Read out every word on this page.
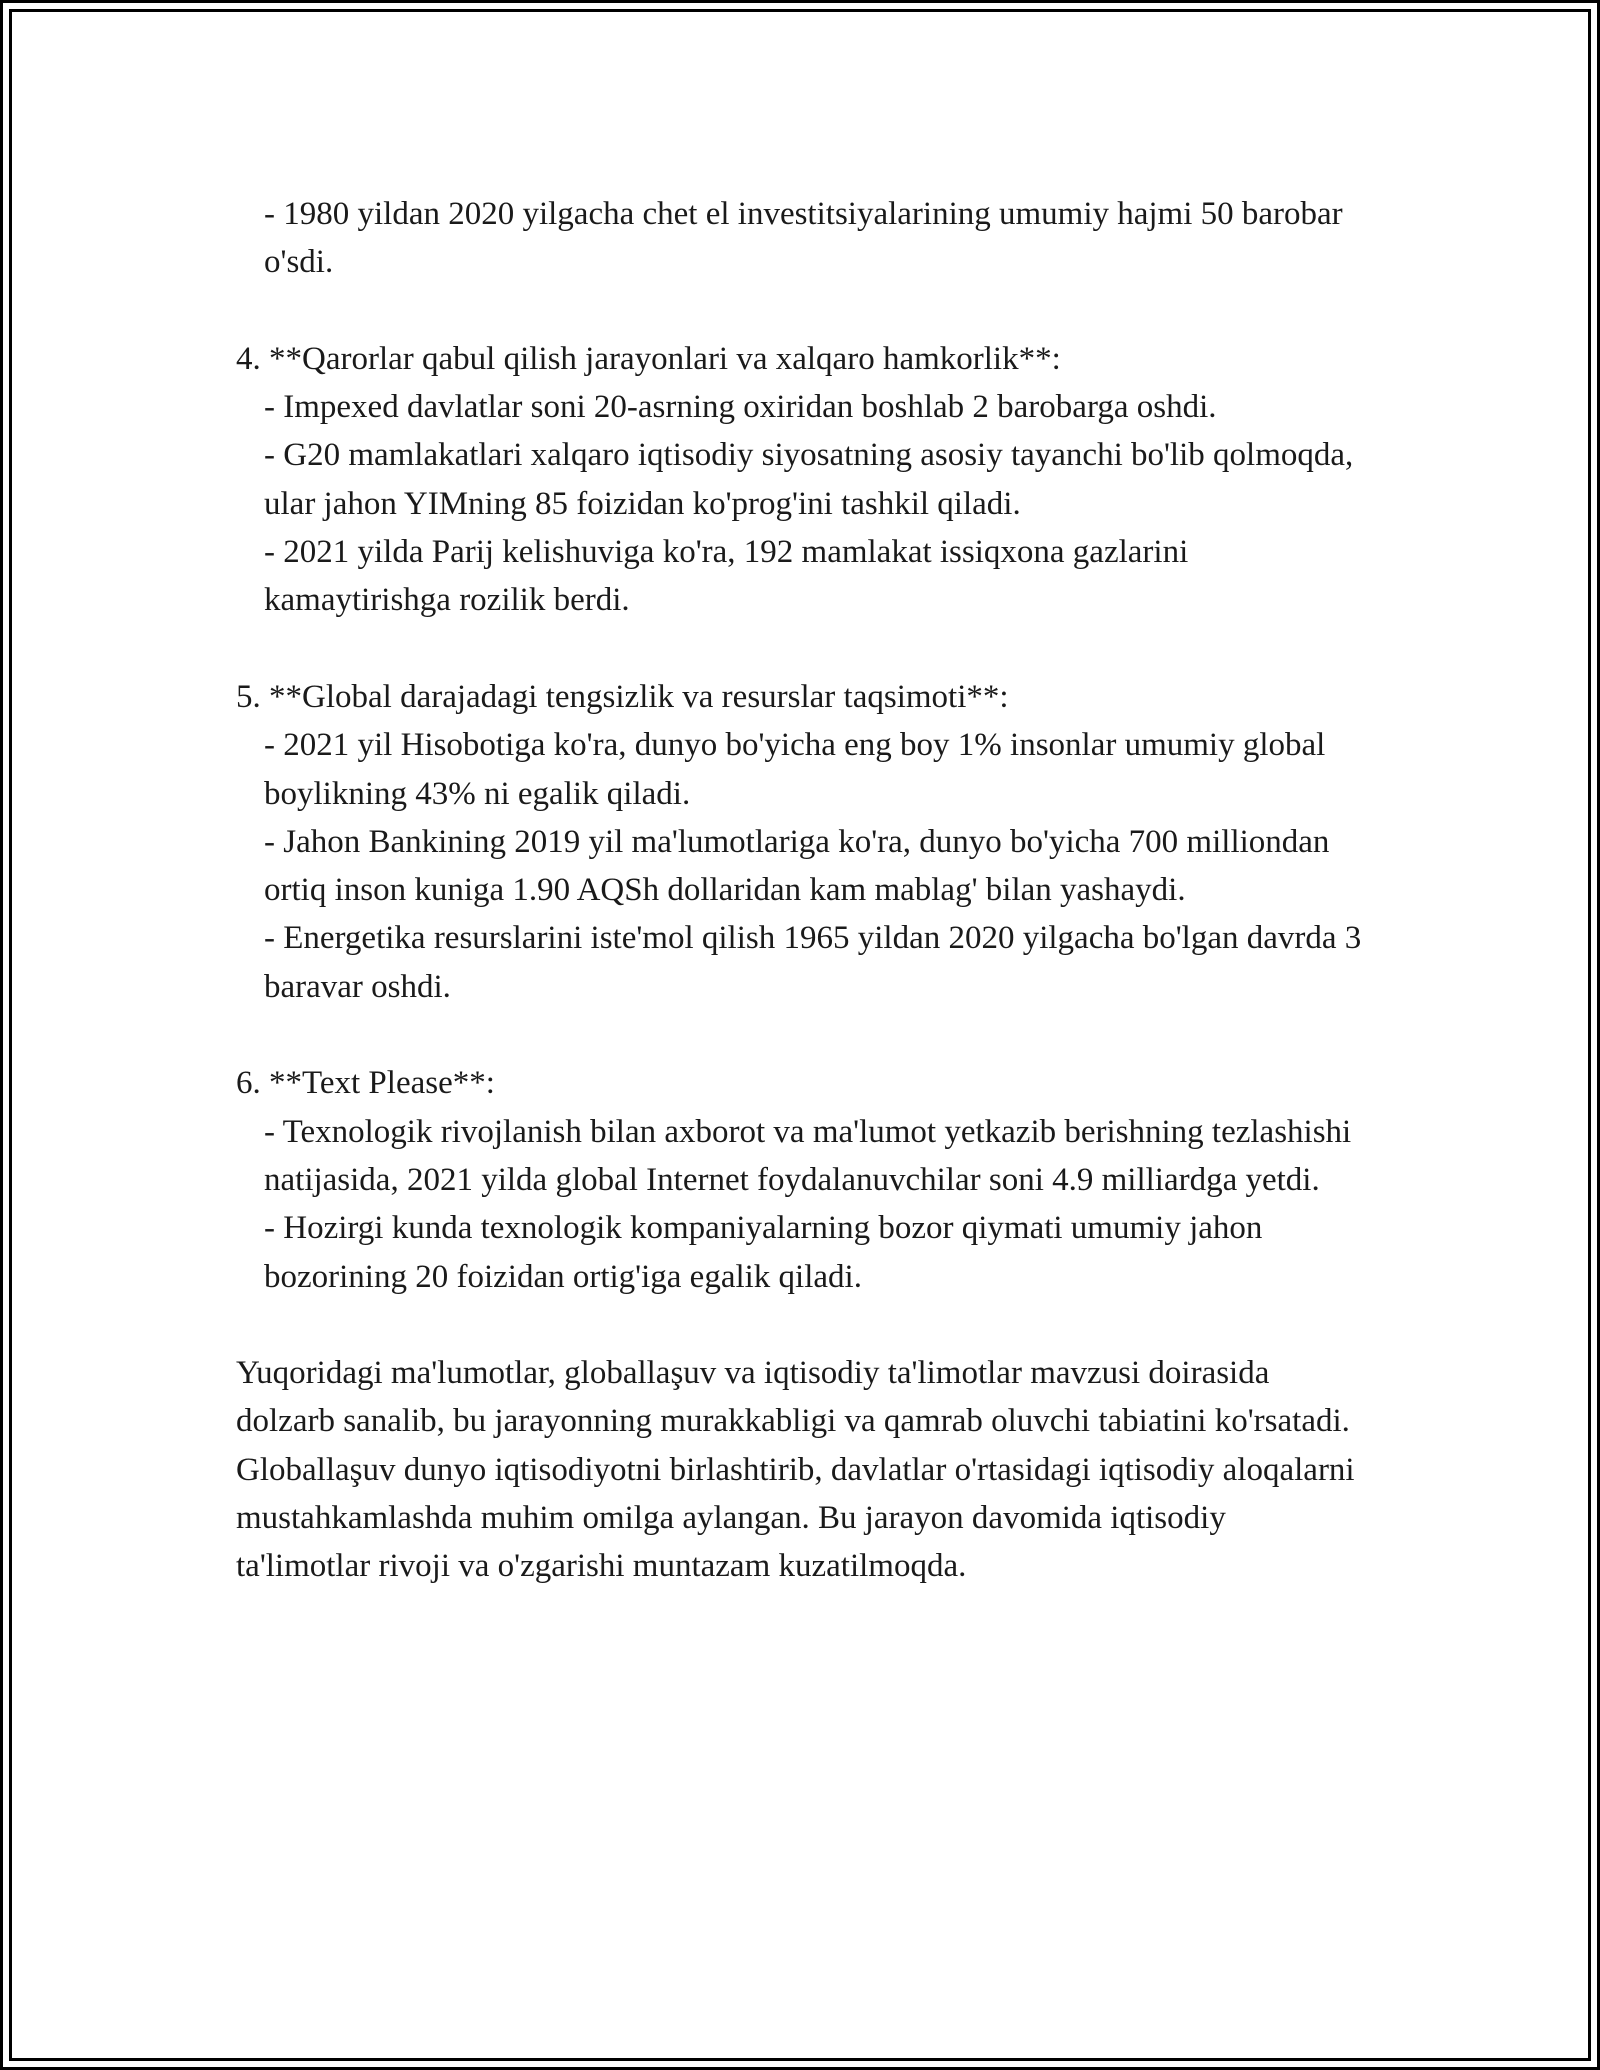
- 1980 yildan 2020 yilgacha chet el investitsiyalarining umumiy hajmi 50 barobar o'sdi.
4. **Qarorlar qabul qilish jarayonlari va xalqaro hamkorlik**:
- Impexed davlatlar soni 20-asrning oxiridan boshlab 2 barobarga oshdi.
- G20 mamlakatlari xalqaro iqtisodiy siyosatning asosiy tayanchi bo'lib qolmoqda, ular jahon YIMning 85 foizidan ko'prog'ini tashkil qiladi.
- 2021 yilda Parij kelishuviga ko'ra, 192 mamlakat issiqxona gazlarini kamaytirishga rozilik berdi.
5. **Global darajadagi tengsizlik va resurslar taqsimoti**:
- 2021 yil Hisobotiga ko'ra, dunyo bo'yicha eng boy 1% insonlar umumiy global boylikning 43% ni egalik qiladi.
- Jahon Bankining 2019 yil ma'lumotlariga ko'ra, dunyo bo'yicha 700 milliondan ortiq inson kuniga 1.90 AQSh dollaridan kam mablag' bilan yashaydi.
- Energetika resurslarini iste'mol qilish 1965 yildan 2020 yilgacha bo'lgan davrda 3 baravar oshdi.
6. **Text Please**:
- Texnologik rivojlanish bilan axborot va ma'lumot yetkazib berishning tezlashishi natijasida, 2021 yilda global Internet foydalanuvchilar soni 4.9 milliardga yetdi.
- Hozirgi kunda texnologik kompaniyalarning bozor qiymati umumiy jahon bozorining 20 foizidan ortig'iga egalik qiladi.
Yuqoridagi ma'lumotlar, globallaşuv va iqtisodiy ta'limotlar mavzusi doirasida dolzarb sanalib, bu jarayonning murakkabligi va qamrab oluvchi tabiatini ko'rsatadi. Globallaşuv dunyo iqtisodiyotni birlashtirib, davlatlar o'rtasidagi iqtisodiy aloqalarni mustahkamlashda muhim omilga aylangan. Bu jarayon davomida iqtisodiy ta'limotlar rivoji va o'zgarishi muntazam kuzatilmoqda.
